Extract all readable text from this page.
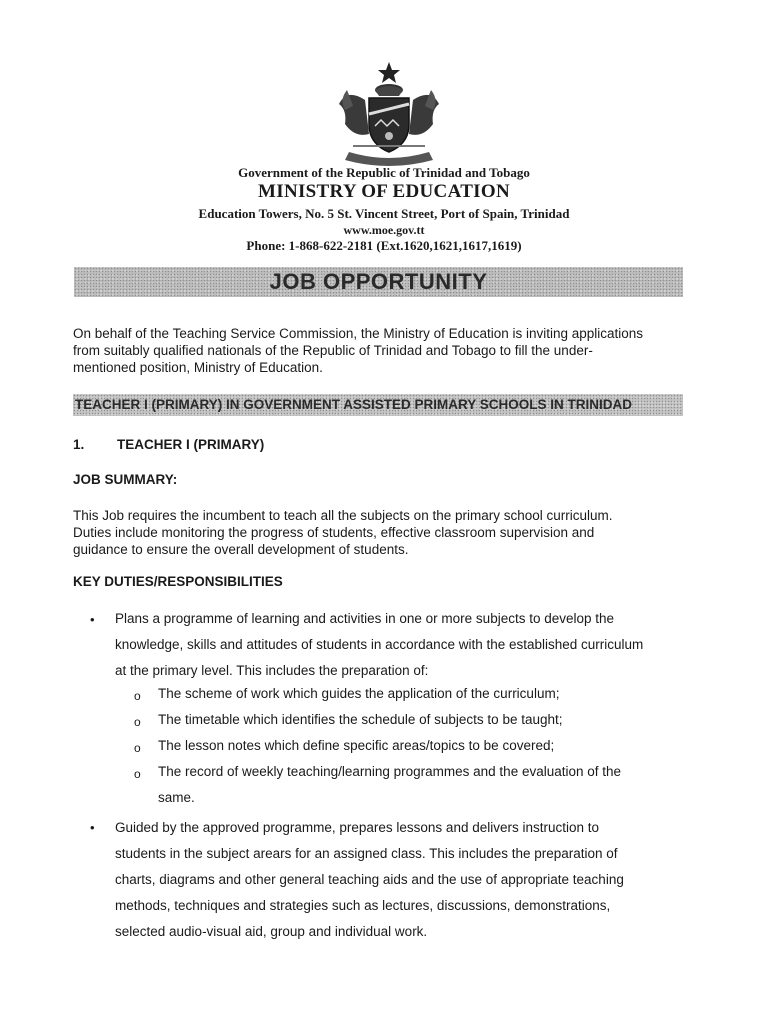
Government of the Republic of Trinidad and Tobago
MINISTRY OF EDUCATION
Education Towers, No. 5 St. Vincent Street, Port of Spain, Trinidad
www.moe.gov.tt
Phone: 1-868-622-2181 (Ext.1620,1621,1617,1619)
JOB OPPORTUNITY
On behalf of the Teaching Service Commission, the Ministry of Education is inviting applications
from suitably qualified nationals of the Republic of Trinidad and Tobago to fill the under-
mentioned position, Ministry of Education.
TEACHER I (PRIMARY) IN GOVERNMENT ASSISTED PRIMARY SCHOOLS IN TRINIDAD
1. TEACHER I (PRIMARY)
JOB SUMMARY:
This Job requires the incumbent to teach all the subjects on the primary school curriculum.
Duties include monitoring the progress of students, effective classroom supervision and
guidance to ensure the overall development of students.
KEY DUTIES/RESPONSIBILITIES
• Plans a programme of learning and activities in one or more subjects to develop the
knowledge, skills and attitudes of students in accordance with the established curriculum
at the primary level. This includes the preparation of:
o The scheme of work which guides the application of the curriculum;
o The timetable which identifies the schedule of subjects to be taught;
o The lesson notes which define specific areas/topics to be covered;
o The record of weekly teaching/learning programmes and the evaluation of the
same.
• Guided by the approved programme, prepares lessons and delivers instruction to
students in the subject arears for an assigned class. This includes the preparation of
charts, diagrams and other general teaching aids and the use of appropriate teaching
methods, techniques and strategies such as lectures, discussions, demonstrations,
selected audio-visual aid, group and individual work.
